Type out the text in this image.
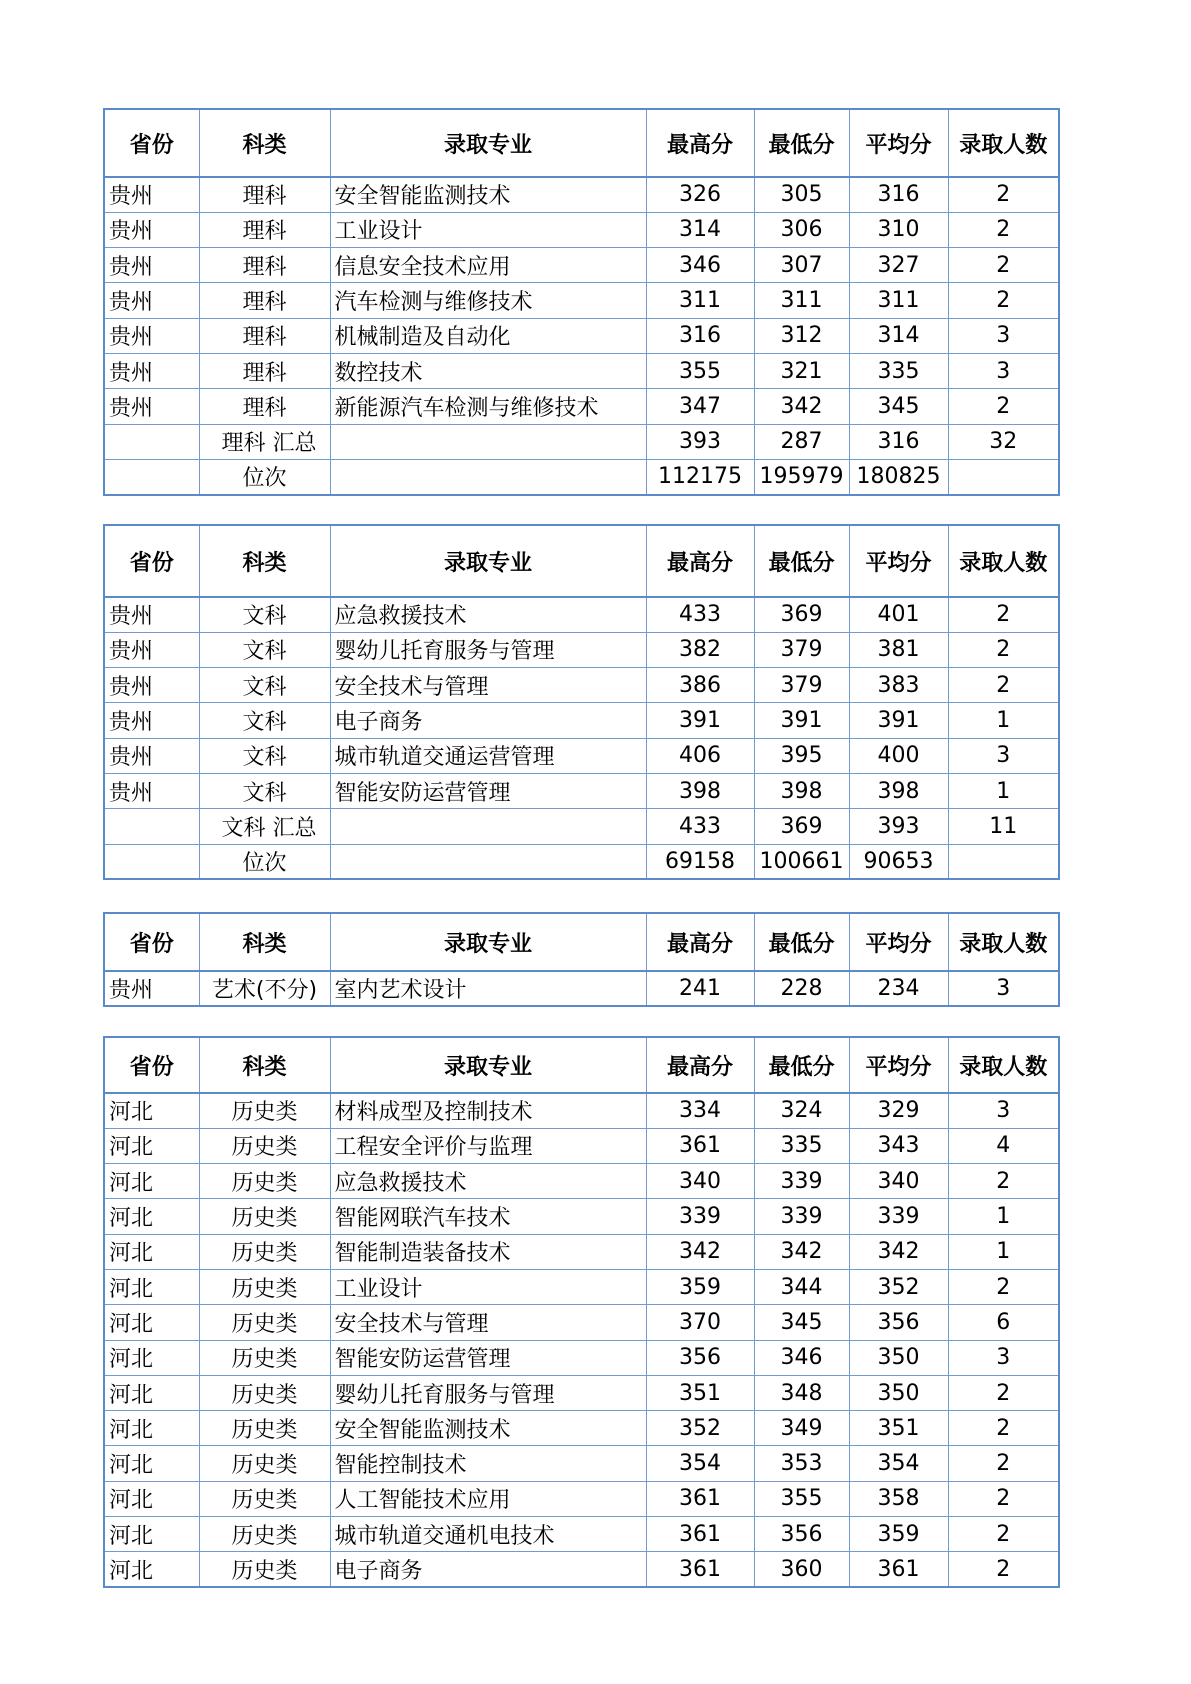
省份	科类	录取专业	最高分	最低分	平均分	录取人数
贵州	理科	安全智能监测技术	326	305	316	2
贵州	理科	工业设计	314	306	310	2
贵州	理科	信息安全技术应用	346	307	327	2
贵州	理科	汽车检测与维修技术	311	311	311	2
贵州	理科	机械制造及自动化	316	312	314	3
贵州	理科	数控技术	355	321	335	3
贵州	理科	新能源汽车检测与维修技术	347	342	345	2
	理科 汇总		393	287	316	32
	位次		112175	195979	180825	
省份	科类	录取专业	最高分	最低分	平均分	录取人数
贵州	文科	应急救援技术	433	369	401	2
贵州	文科	婴幼儿托育服务与管理	382	379	381	2
贵州	文科	安全技术与管理	386	379	383	2
贵州	文科	电子商务	391	391	391	1
贵州	文科	城市轨道交通运营管理	406	395	400	3
贵州	文科	智能安防运营管理	398	398	398	1
	文科 汇总		433	369	393	11
	位次		69158	100661	90653	
省份	科类	录取专业	最高分	最低分	平均分	录取人数
贵州	艺术(不分)	室内艺术设计	241	228	234	3
省份	科类	录取专业	最高分	最低分	平均分	录取人数
河北	历史类	材料成型及控制技术	334	324	329	3
河北	历史类	工程安全评价与监理	361	335	343	4
河北	历史类	应急救援技术	340	339	340	2
河北	历史类	智能网联汽车技术	339	339	339	1
河北	历史类	智能制造装备技术	342	342	342	1
河北	历史类	工业设计	359	344	352	2
河北	历史类	安全技术与管理	370	345	356	6
河北	历史类	智能安防运营管理	356	346	350	3
河北	历史类	婴幼儿托育服务与管理	351	348	350	2
河北	历史类	安全智能监测技术	352	349	351	2
河北	历史类	智能控制技术	354	353	354	2
河北	历史类	人工智能技术应用	361	355	358	2
河北	历史类	城市轨道交通机电技术	361	356	359	2
河北	历史类	电子商务	361	360	361	2
